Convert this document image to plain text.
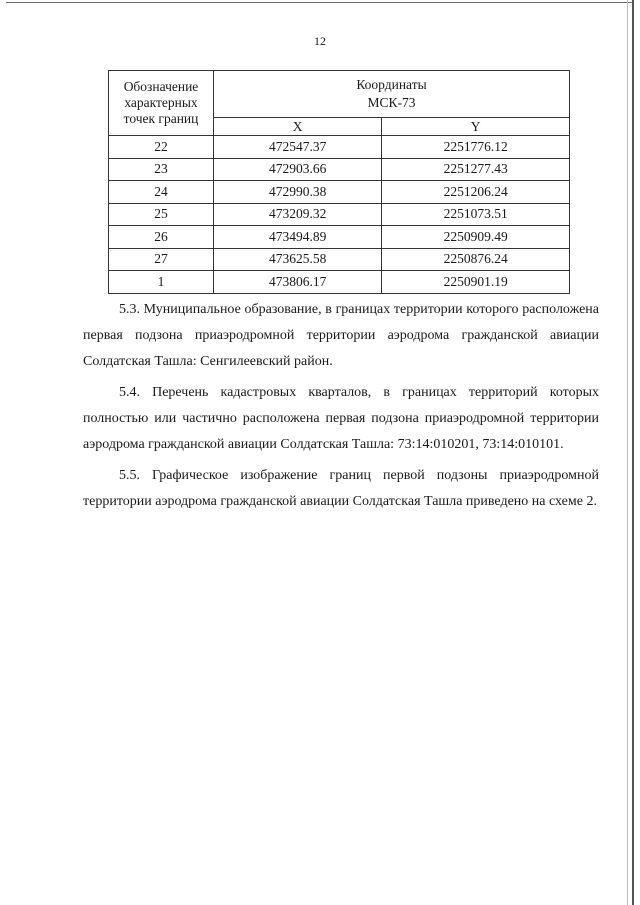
12
Обозначение
характерных
точек границ	Координаты
МСК-73	
	X	Y
22	472547.37	2251776.12
23	472903.66	2251277.43
24	472990.38	2251206.24
25	473209.32	2251073.51
26	473494.89	2250909.49
27	473625.58	2250876.24
1	473806.17	2250901.19

5.3. Муниципальное образование, в границах территории которого расположена первая подзона приаэродромной территории аэродрома гражданской авиации Солдатская Ташла: Сенгилеевский район.

5.4. Перечень кадастровых кварталов, в границах территорий которых полностью или частично расположена первая подзона приаэродромной территории аэродрома гражданской авиации Солдатская Ташла: 73:14:010201, 73:14:010101.

5.5. Графическое изображение границ первой подзоны приаэродромной территории аэродрома гражданской авиации Солдатская Ташла приведено на схеме 2.
